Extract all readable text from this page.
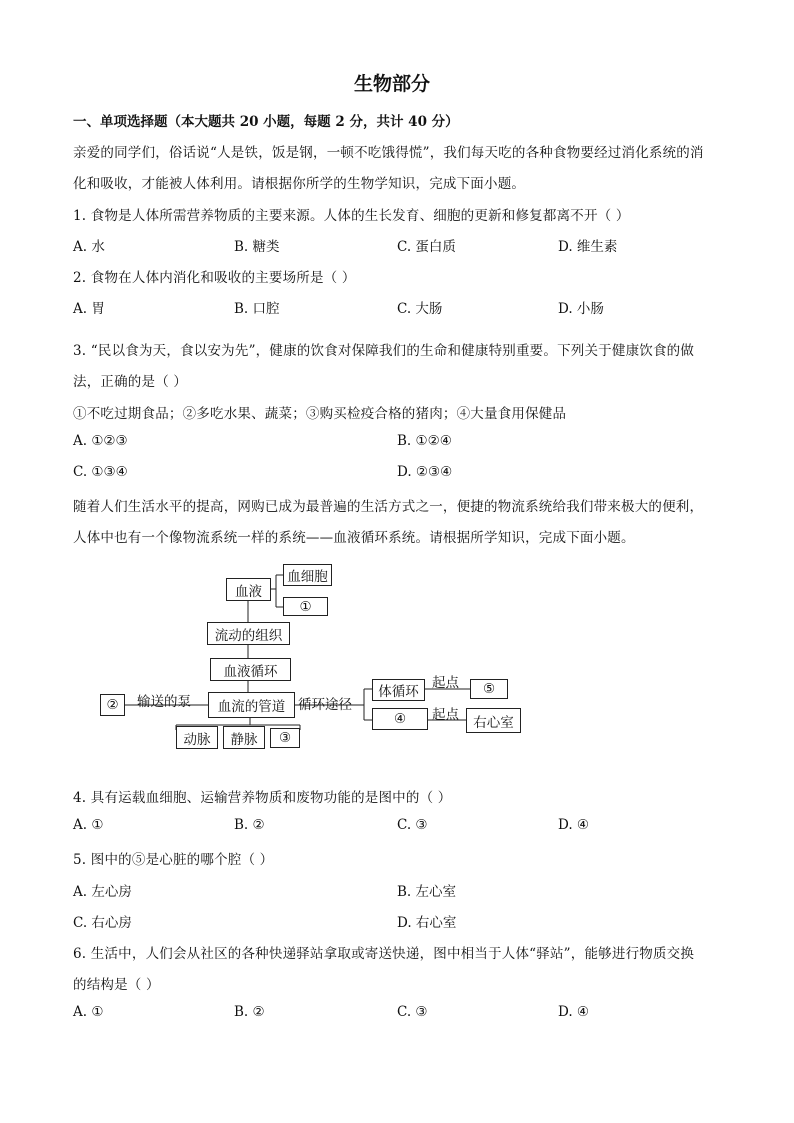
生物部分
一、单项选择题（本大题共 20 小题，每题 2 分，共计 40 分）
亲爱的同学们，俗话说“人是铁，饭是钢，一顿不吃饿得慌”，我们每天吃的各种食物要经过消化系统的消
化和吸收，才能被人体利用。请根据你所学的生物学知识，完成下面小题。
1. 食物是人体所需营养物质的主要来源。人体的生长发育、细胞的更新和修复都离不开（ ）
A. 水	B. 糖类	C. 蛋白质	D. 维生素
2. 食物在人体内消化和吸收的主要场所是（ ）
A. 胃	B. 口腔	C. 大肠	D. 小肠
3. “民以食为天，食以安为先”，健康的饮食对保障我们的生命和健康特别重要。下列关于健康饮食的做
法，正确的是（ ）
①不吃过期食品；②多吃水果、蔬菜；③购买检疫合格的猪肉；④大量食用保健品
A. ①②③	B. ①②④
C. ①③④	D. ②③④
随着人们生活水平的提高，网购已成为最普遍的生活方式之一，便捷的物流系统给我们带来极大的便利，
人体中也有一个像物流系统一样的系统——血液循环系统。请根据所学知识，完成下面小题。
血液
血细胞
①
流动的组织
血液循环
②	输送的泵	血流的管道 循环途径
体循环
起点	⑤
④	起点	右心室
动脉	静脉	③
4. 具有运载血细胞、运输营养物质和废物功能的是图中的（ ）
A. ①	B. ②	C. ③	D. ④
5. 图中的⑤是心脏的哪个腔（ ）
A. 左心房	B. 左心室
C. 右心房	D. 右心室
6. 生活中，人们会从社区的各种快递驿站拿取或寄送快递，图中相当于人体“驿站”，能够进行物质交换
的结构是（ ）
A. ①	B. ②	C. ③	D. ④
